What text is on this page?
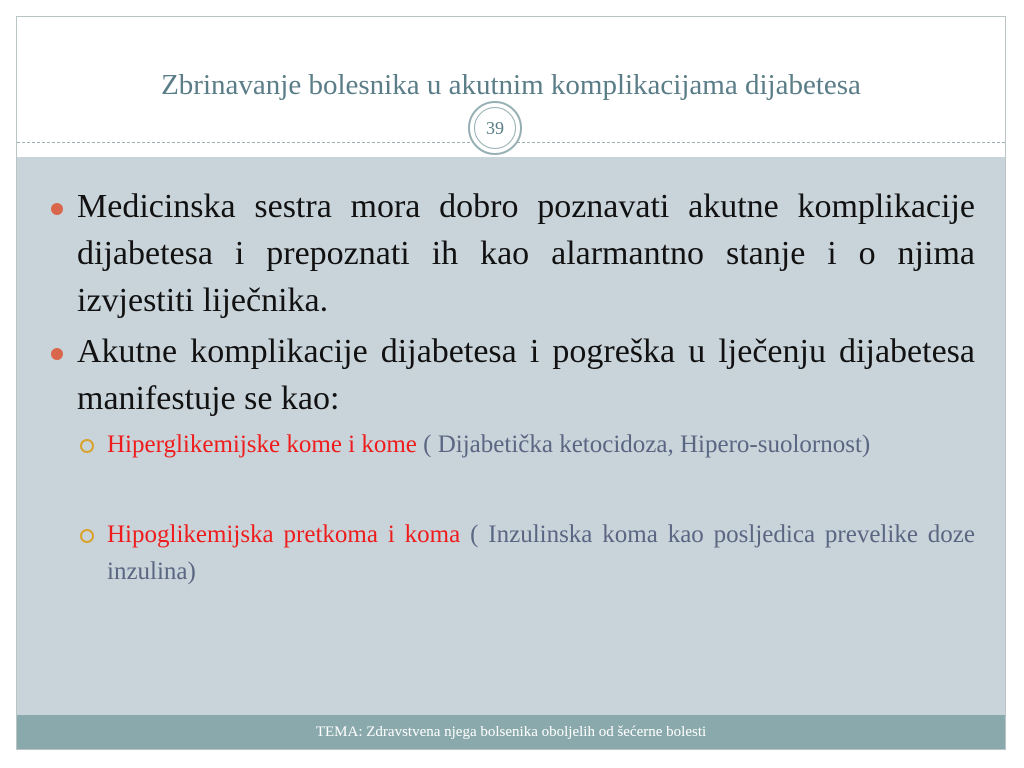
Zbrinavanje bolesnika u akutnim komplikacijama dijabetesa
Medicinska sestra mora dobro poznavati akutne komplikacije dijabetesa i prepoznati ih kao alarmantno stanje i o njima izvjestiti liječnika.
Akutne komplikacije dijabetesa i pogreška u lječenju dijabetesa manifestuje se kao:
Hiperglikemijske kome i kome ( Dijabetička ketocidoza, Hipero-suolornost)
Hipoglikemijska pretkoma i koma ( Inzulinska koma kao posljedica prevelike doze inzulina)
TEMA: Zdravstvena njega bolsenika oboljelih od šećerne bolesti
39
